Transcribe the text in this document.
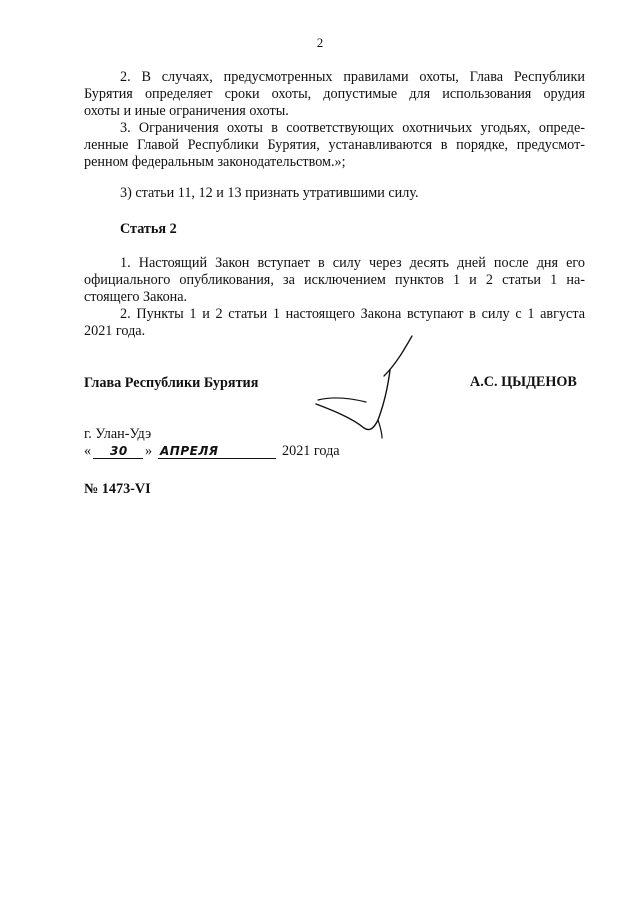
2
2. В случаях, предусмотренных правилами охоты, Глава Республики
Бурятия определяет сроки охоты, допустимые для использования орудия
охоты и иные ограничения охоты.
3. Ограничения охоты в соответствующих охотничьих угодьях, опреде-
ленные Главой Республики Бурятия, устанавливаются в порядке, предусмот-
ренном федеральным законодательством.»;
3) статьи 11, 12 и 13 признать утратившими силу.
Статья 2
1. Настоящий Закон вступает в силу через десять дней после дня его
официального опубликования, за исключением пунктов 1 и 2 статьи 1 на-
стоящего Закона.
2. Пункты 1 и 2 статьи 1 настоящего Закона вступают в силу с 1 августа
2021 года.
Глава Республики Бурятия	А.С. ЦЫДЕНОВ
г. Улан-Удэ
« 30 » АПРЕЛЯ	2021 года
№ 1473-VI
